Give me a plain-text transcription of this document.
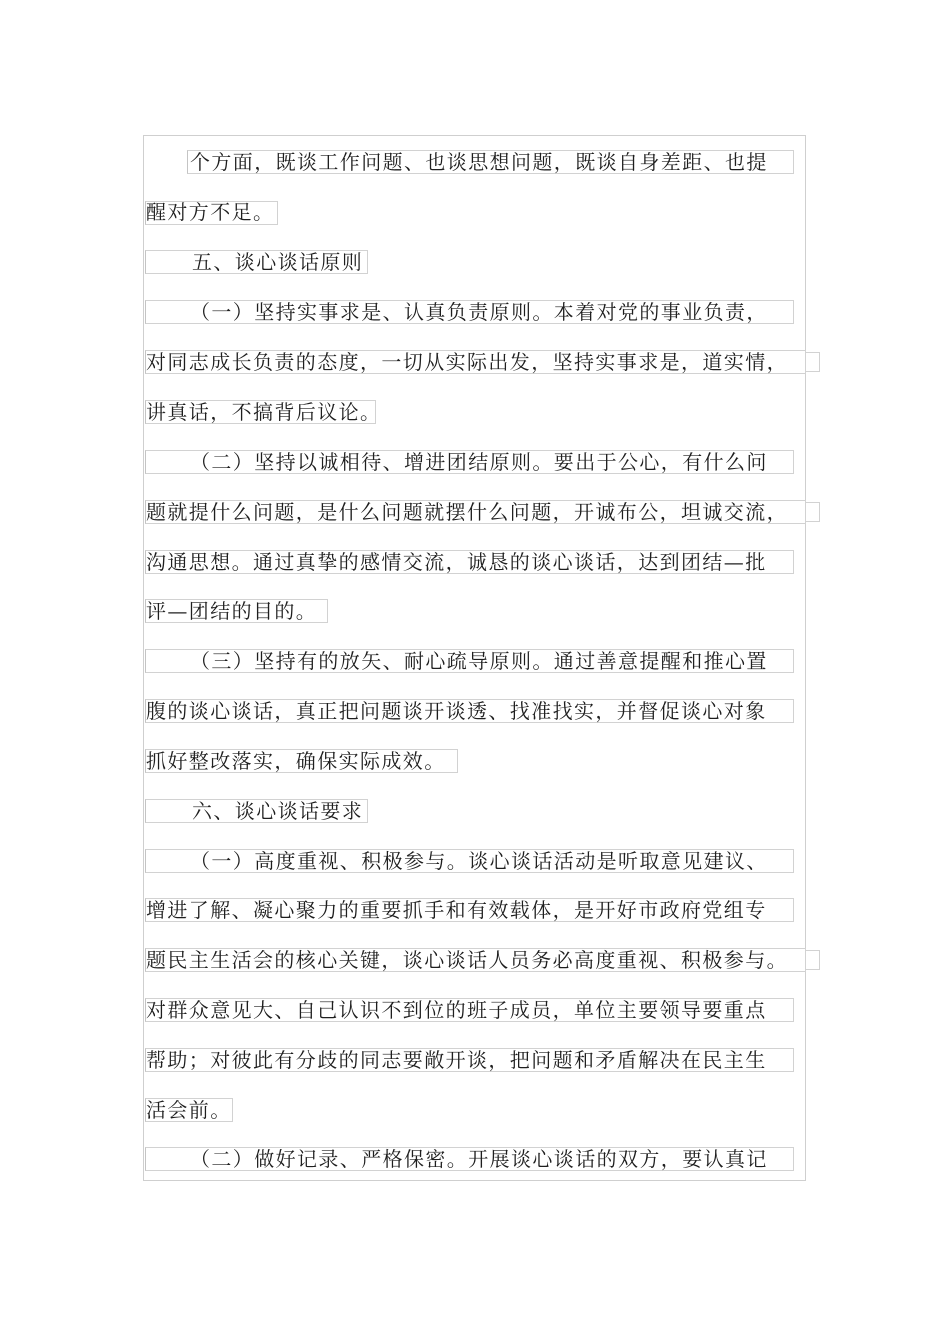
个方面，既谈工作问题、也谈思想问题，既谈自身差距、也提
醒对方不足。
五、谈心谈话原则
（一）坚持实事求是、认真负责原则。本着对党的事业负责，
对同志成长负责的态度，一切从实际出发，坚持实事求是，道实情，
讲真话，不搞背后议论。
（二）坚持以诚相待、增进团结原则。要出于公心，有什么问
题就提什么问题，是什么问题就摆什么问题，开诚布公，坦诚交流，
沟通思想。通过真挚的感情交流，诚恳的谈心谈话，达到团结—批
评—团结的目的。
（三）坚持有的放矢、耐心疏导原则。通过善意提醒和推心置
腹的谈心谈话，真正把问题谈开谈透、找准找实，并督促谈心对象
抓好整改落实，确保实际成效。
六、谈心谈话要求
（一）高度重视、积极参与。谈心谈话活动是听取意见建议、
增进了解、凝心聚力的重要抓手和有效载体，是开好市政府党组专
题民主生活会的核心关键，谈心谈话人员务必高度重视、积极参与。
对群众意见大、自己认识不到位的班子成员，单位主要领导要重点
帮助；对彼此有分歧的同志要敞开谈，把问题和矛盾解决在民主生
活会前。
（二）做好记录、严格保密。开展谈心谈话的双方，要认真记
